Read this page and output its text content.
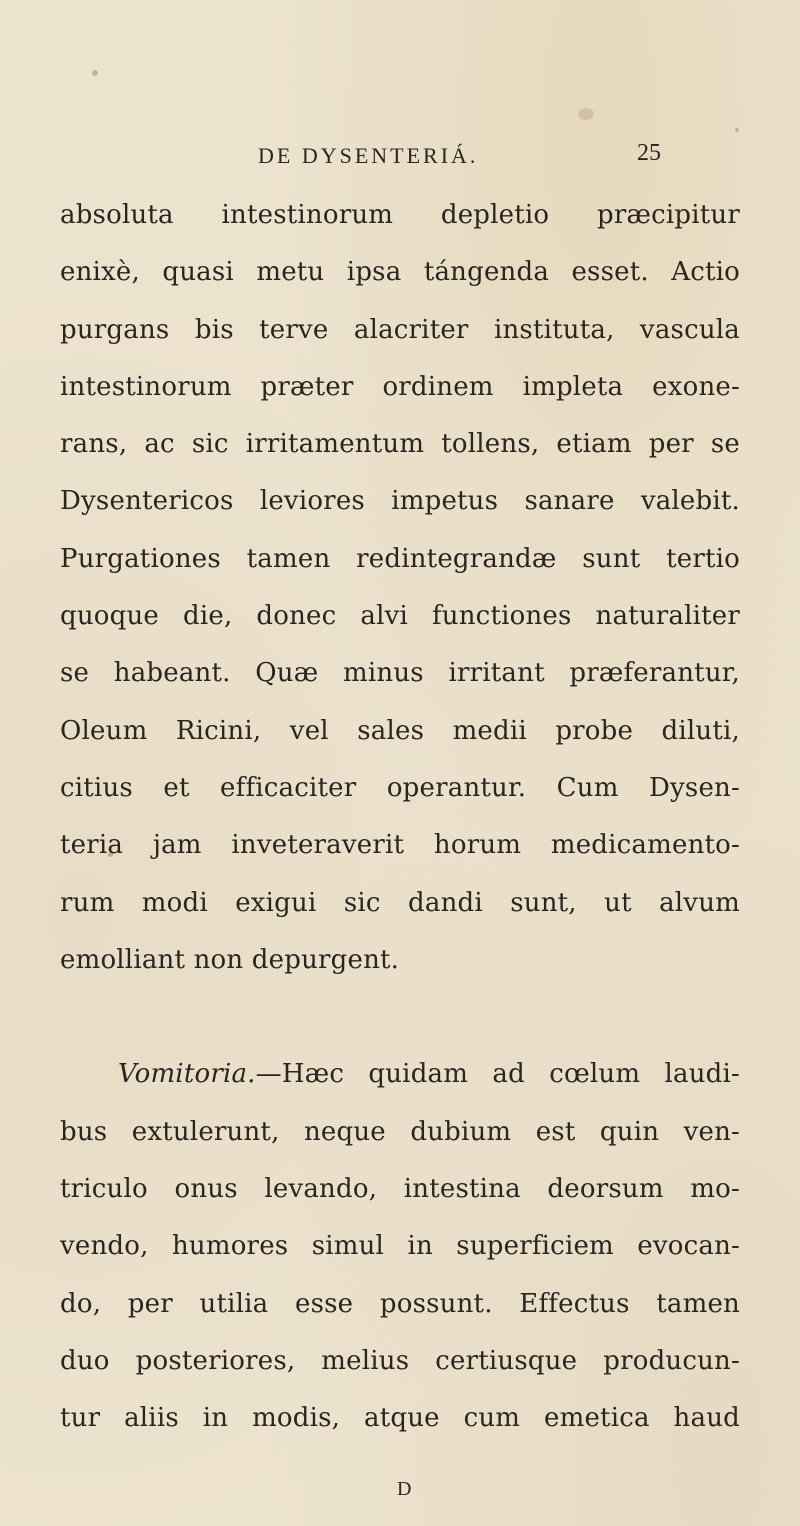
DE DYSENTERIÁ.	25
absoluta intestinorum depletio præcipitur
enixè, quasi metu ipsa tángenda esset. Actio
purgans bis terve alacriter instituta, vascula
intestinorum præter ordinem impleta exone-
rans, ac sic irritamentum tollens, etiam per se
Dysentericos leviores impetus sanare valebit.
Purgationes tamen redintegrandæ sunt tertio
quoque die, donec alvi functiones naturaliter
se habeant. Quæ minus irritant præferantur,
Oleum Ricini, vel sales medii probe diluti,
citius et efficaciter operantur. Cum Dysen-
teria jam inveteraverit horum medicamento-
rum modi exigui sic dandi sunt, ut alvum
emolliant non depurgent.
Vomitoria.—Hæc quidam ad cœlum laudi-
bus extulerunt, neque dubium est quin ven-
triculo onus levando, intestina deorsum mo-
vendo, humores simul in superficiem evocan-
do, per utilia esse possunt. Effectus tamen
duo posteriores, melius certiusque producun-
tur aliis in modis, atque cum emetica haud
D
